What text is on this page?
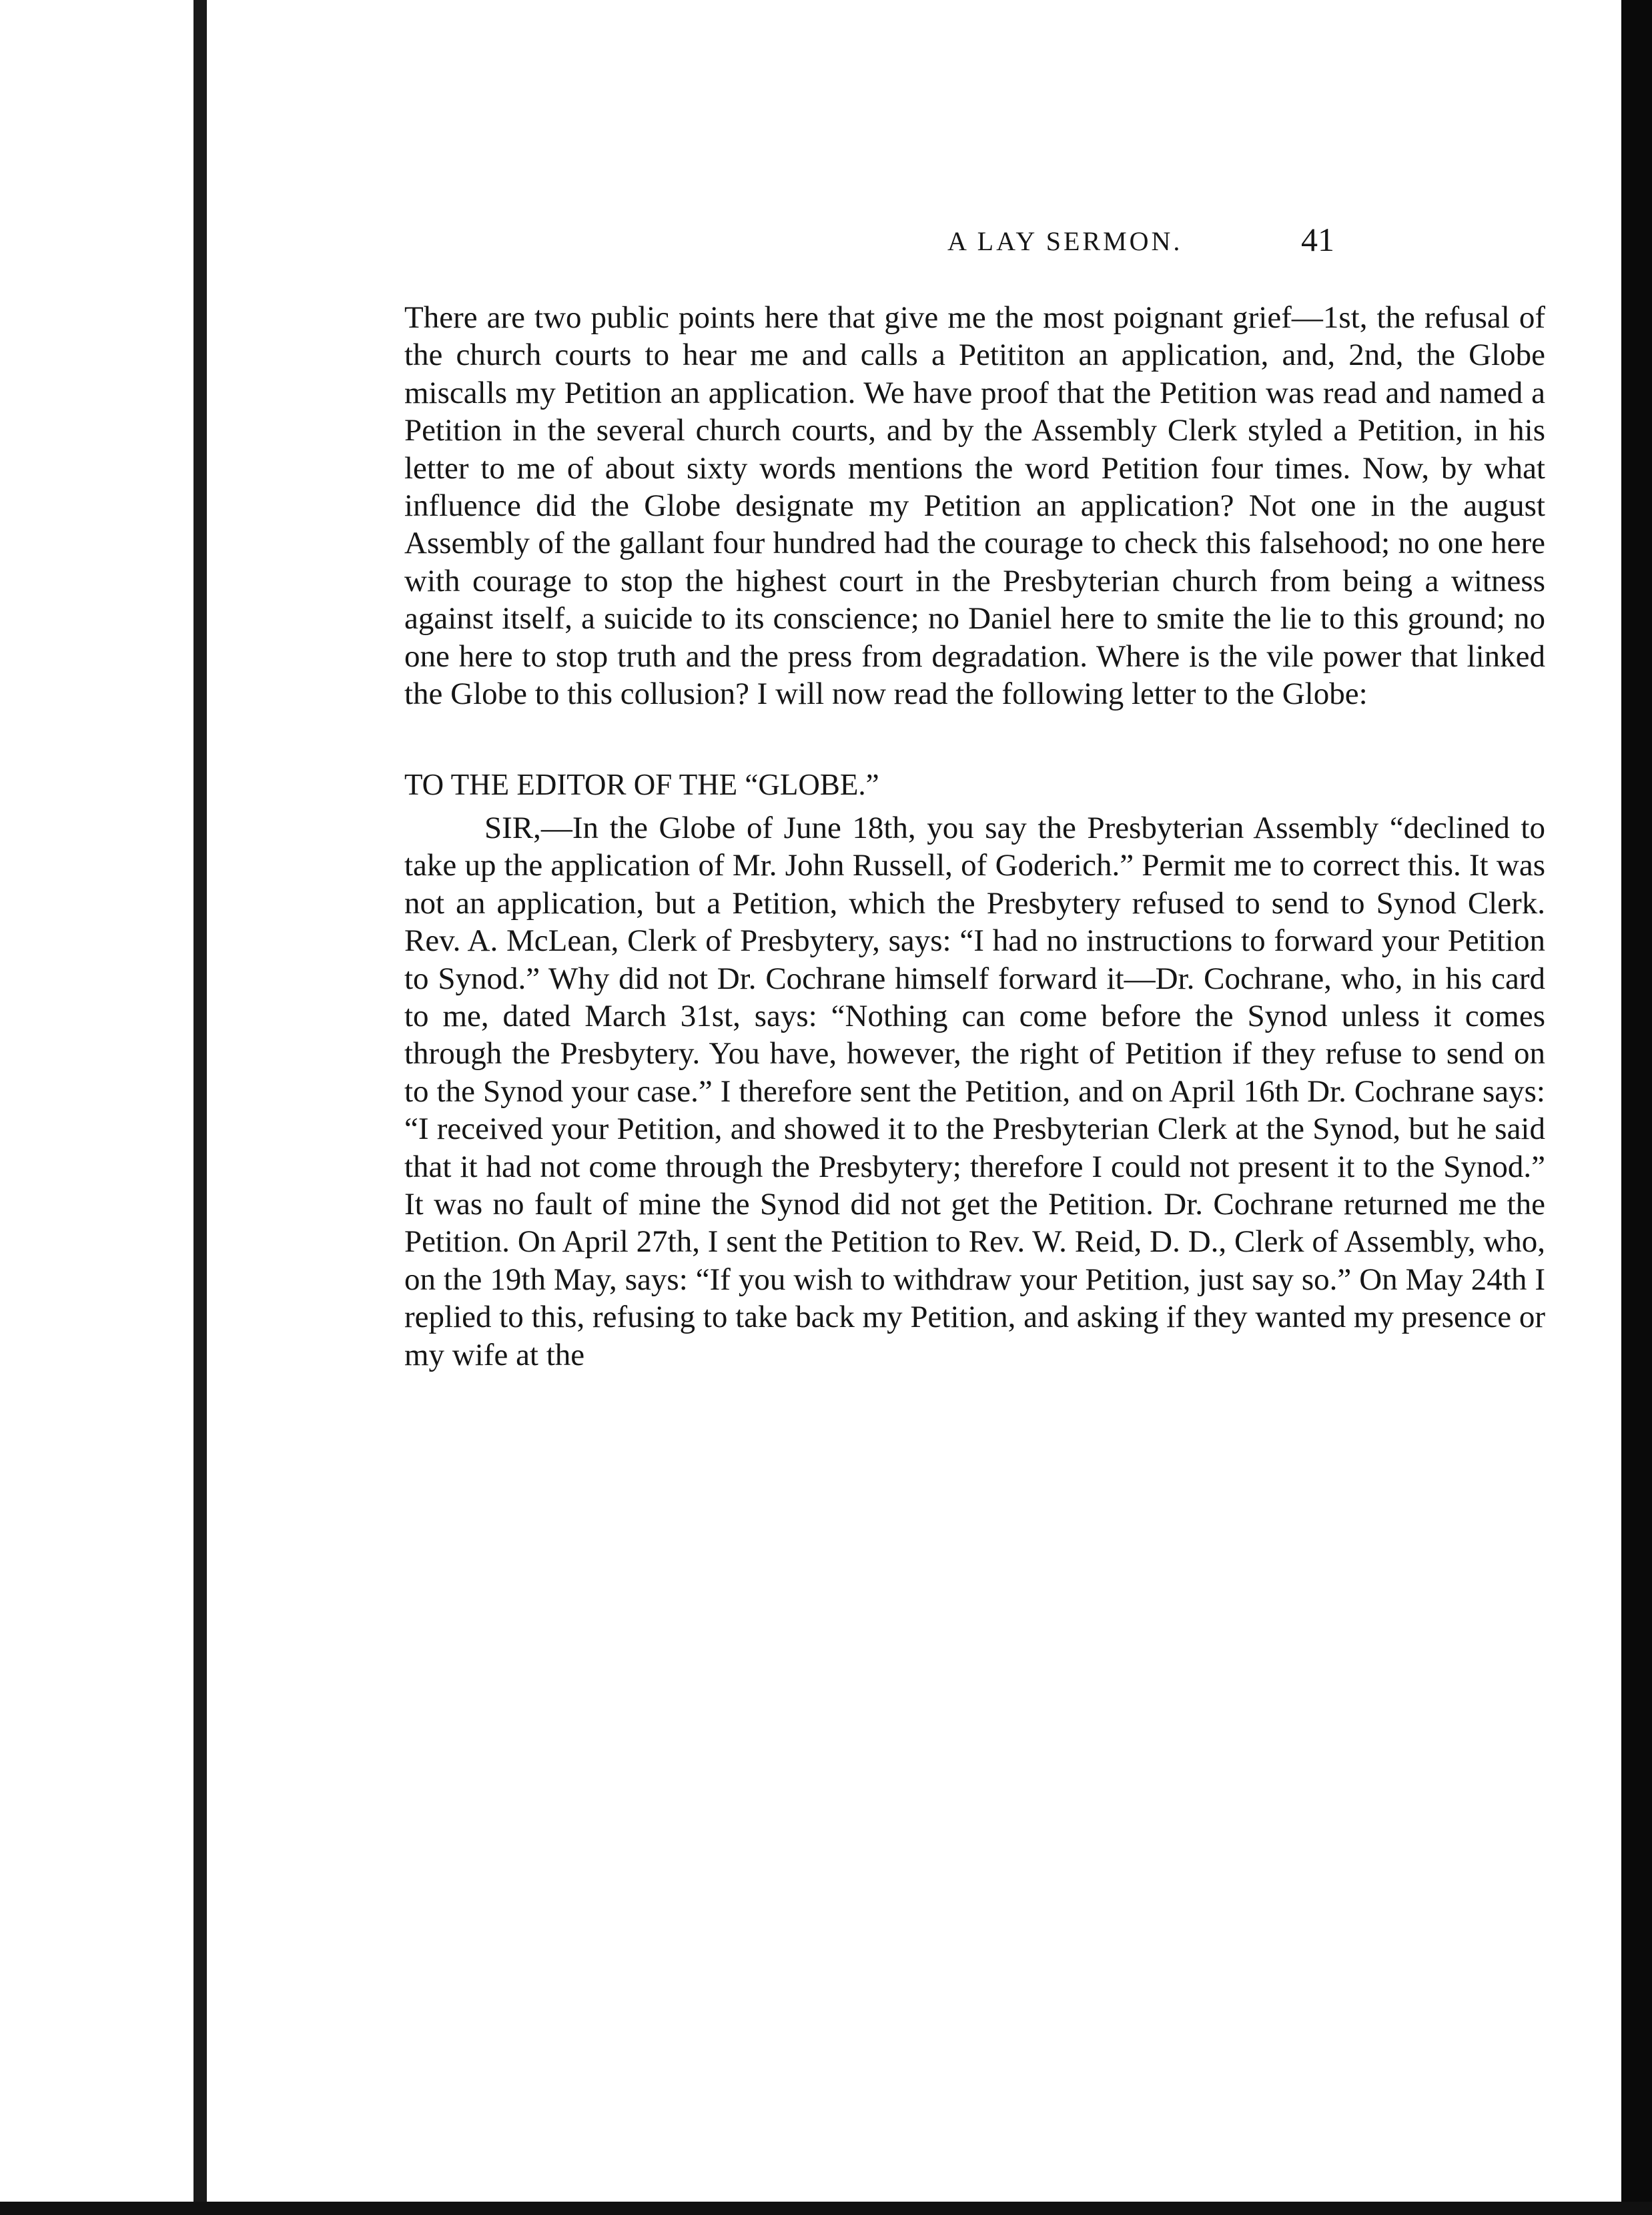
A LAY SERMON.	41

There are two public points here that give me the most poignant grief—1st, the refusal of the church courts to hear me and calls a Petititon an application, and, 2nd, the Globe miscalls my Petition an application. We have proof that the Petition was read and named a Petition in the several church courts, and by the Assembly Clerk styled a Petition, in his letter to me of about sixty words mentions the word Petition four times. Now, by what influence did the Globe designate my Petition an application? Not one in the august Assembly of the gallant four hundred had the courage to check this falsehood; no one here with courage to stop the highest court in the Presbyterian church from being a witness against itself, a suicide to its conscience; no Daniel here to smite the lie to this ground; no one here to stop truth and the press from degradation. Where is the vile power that linked the Globe to this collusion? I will now read the following letter to the Globe:

TO THE EDITOR OF THE “GLOBE.”

SIR,—In the Globe of June 18th, you say the Presbyterian Assembly “declined to take up the application of Mr. John Russell, of Goderich.” Permit me to correct this. It was not an application, but a Petition, which the Presbytery refused to send to Synod Clerk. Rev. A. McLean, Clerk of Presbytery, says: “I had no instructions to forward your Petition to Synod.” Why did not Dr. Cochrane himself forward it—Dr. Cochrane, who, in his card to me, dated March 31st, says: “Nothing can come before the Synod unless it comes through the Presbytery. You have, however, the right of Petition if they refuse to send on to the Synod your case.” I therefore sent the Petition, and on April 16th Dr. Cochrane says: “I received your Petition, and showed it to the Presbyterian Clerk at the Synod, but he said that it had not come through the Presbytery; therefore I could not present it to the Synod.” It was no fault of mine the Synod did not get the Petition. Dr. Cochrane returned me the Petition. On April 27th, I sent the Petition to Rev. W. Reid, D. D., Clerk of Assembly, who, on the 19th May, says: “If you wish to withdraw your Petition, just say so.” On May 24th I replied to this, refusing to take back my Petition, and asking if they wanted my presence or my wife at the
